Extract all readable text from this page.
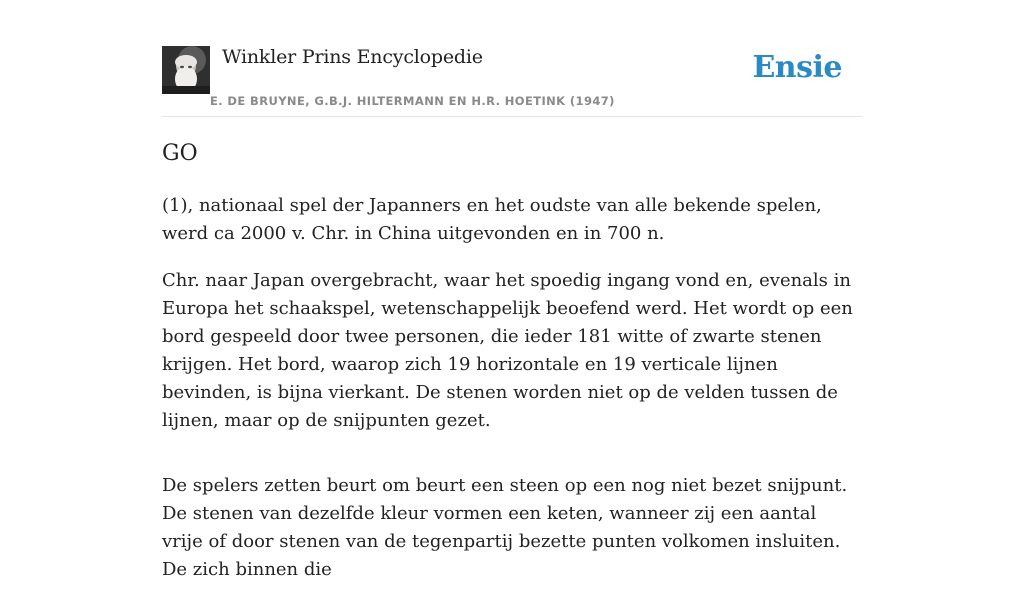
Winkler Prins Encyclopedie
E. DE BRUYNE, G.B.J. HILTERMANN EN H.R. HOETINK (1947)
Ensie
GO

(1), nationaal spel der Japanners en het oudste van alle bekende spelen, werd ca 2000 v. Chr. in China uitgevonden en in 700 n.

Chr. naar Japan overgebracht, waar het spoedig ingang vond en, evenals in Europa het schaakspel, wetenschappelijk beoefend werd. Het wordt op een bord gespeeld door twee personen, die ieder 181 witte of zwarte stenen krijgen. Het bord, waarop zich 19 horizontale en 19 verticale lijnen bevinden, is bijna vierkant. De stenen worden niet op de velden tussen de lijnen, maar op de snijpunten gezet.

De spelers zetten beurt om beurt een steen op een nog niet bezet snijpunt. De stenen van dezelfde kleur vormen een keten, wanneer zij een aantal vrije of door stenen van de tegenpartij bezette punten volkomen insluiten. De zich binnen die
